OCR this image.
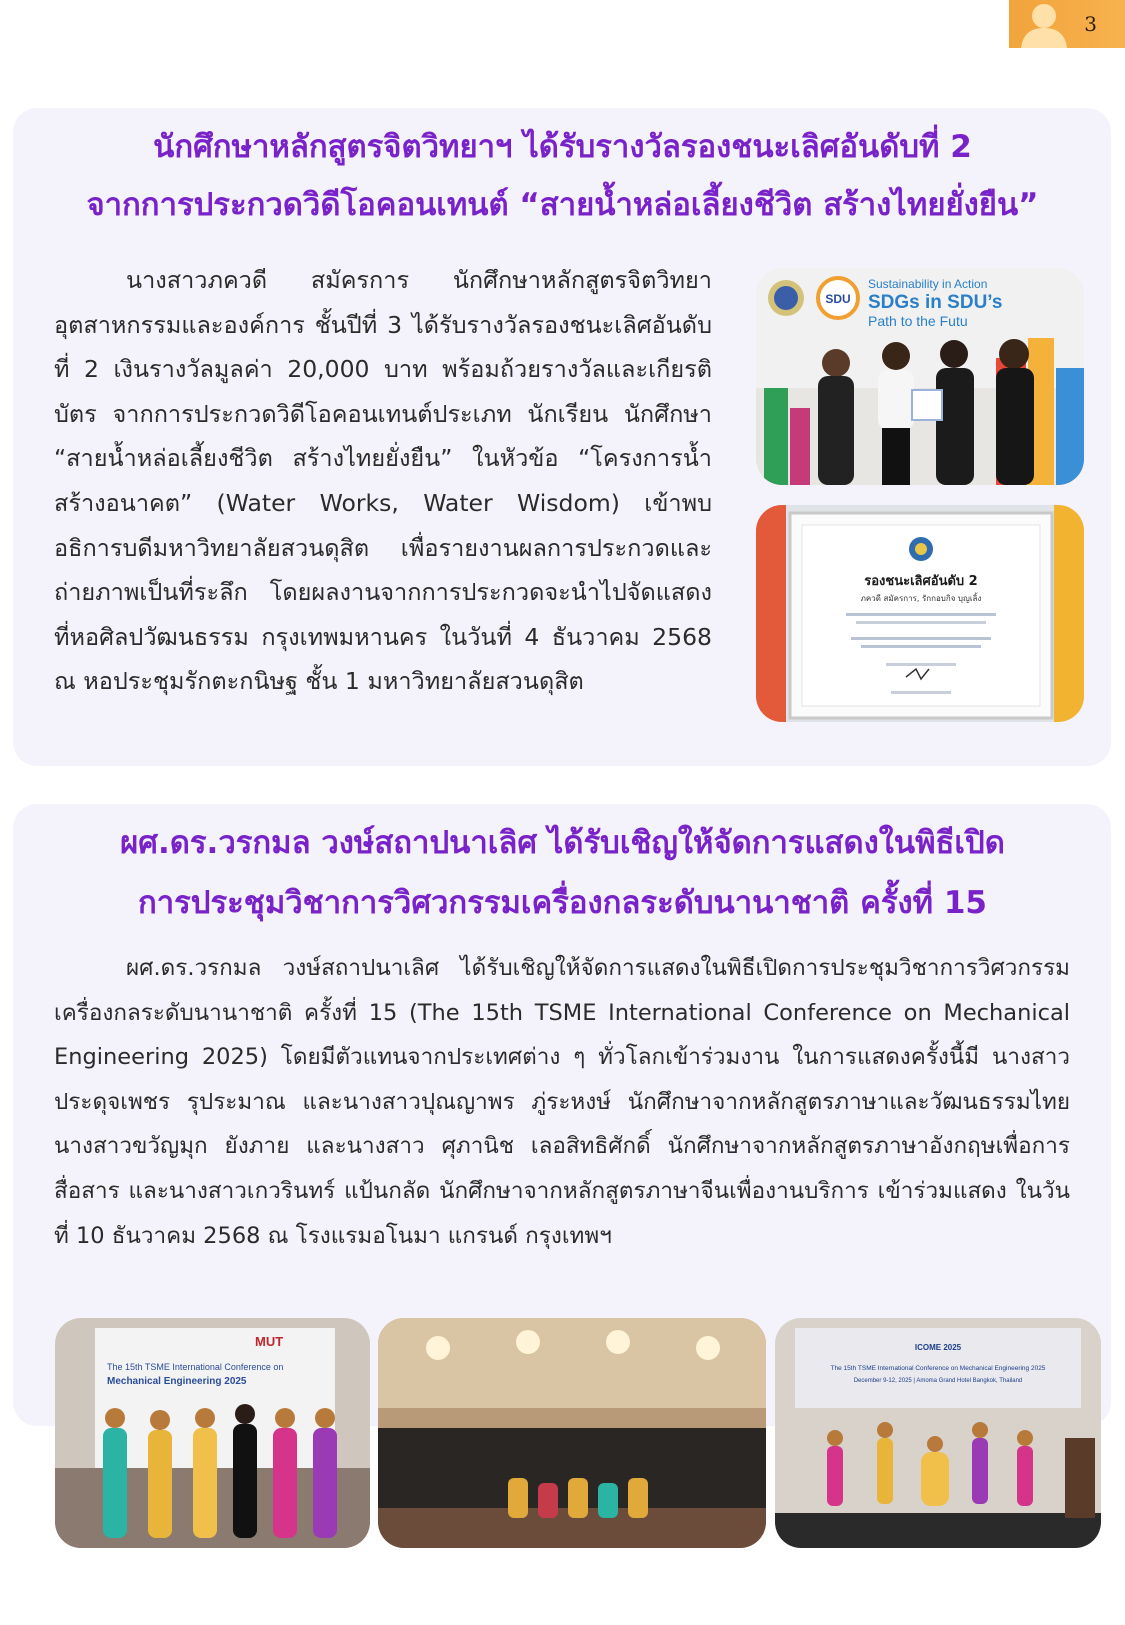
3
นักศึกษาหลักสูตรจิตวิทยาฯ ได้รับรางวัลรองชนะเลิศอันดับที่ 2
จากการประกวดวิดีโอคอนเทนต์ “สายน้ำหล่อเลี้ยงชีวิต สร้างไทยยั่งยืน”

นางสาวภควดี สมัครการ นักศึกษาหลักสูตรจิตวิทยาอุตสาหกรรมและองค์การ ชั้นปีที่ 3 ได้รับรางวัลรองชนะเลิศอันดับที่ 2 เงินรางวัลมูลค่า 20,000 บาท พร้อมถ้วยรางวัลและเกียรติบัตร จากการประกวดวิดีโอคอนเทนต์ประเภท นักเรียน นักศึกษา “สายน้ำหล่อเลี้ยงชีวิต สร้างไทยยั่งยืน” ในหัวข้อ “โครงการน้ำสร้างอนาคต” (Water Works, Water Wisdom) เข้าพบอธิการบดีมหาวิทยาลัยสวนดุสิต เพื่อรายงานผลการประกวดและถ่ายภาพเป็นที่ระลึก โดยผลงานจากการประกวดจะนำไปจัดแสดงที่หอศิลปวัฒนธรรม กรุงเทพมหานคร ในวันที่ 4 ธันวาคม 2568 ณ หอประชุมรักตะกนิษฐ ชั้น 1 มหาวิทยาลัยสวนดุสิต

SDU
Sustainability in Action
SDGs in SDU’s
Path to the Futu
รองชนะเลิศอันดับ 2
ภควดี สมัครการ, รักกอบกิจ บุญเลิ้ง
ผศ.ดร.วรกมล วงษ์สถาปนาเลิศ ได้รับเชิญให้จัดการแสดงในพิธีเปิด
การประชุมวิชาการวิศวกรรมเครื่องกลระดับนานาชาติ ครั้งที่ 15

ผศ.ดร.วรกมล วงษ์สถาปนาเลิศ ได้รับเชิญให้จัดการแสดงในพิธีเปิดการประชุมวิชาการวิศวกรรมเครื่องกลระดับนานาชาติ ครั้งที่ 15 (The 15th TSME International Conference on Mechanical Engineering 2025) โดยมีตัวแทนจากประเทศต่าง ๆ ทั่วโลกเข้าร่วมงาน ในการแสดงครั้งนี้มี นางสาวประดุจเพชร รุประมาณ และนางสาวปุณญาพร ภู่ระหงษ์ นักศึกษาจากหลักสูตรภาษาและวัฒนธรรมไทย นางสาวขวัญมุก ยังภาย และนางสาว ศุภานิช เลอสิทธิศักดิ์ นักศึกษาจากหลักสูตรภาษาอังกฤษเพื่อการสื่อสาร และนางสาวเกวรินทร์ แป้นกลัด นักศึกษาจากหลักสูตรภาษาจีนเพื่องานบริการ เข้าร่วมแสดง ในวันที่ 10 ธันวาคม 2568 ณ โรงแรมอโนมา แกรนด์ กรุงเทพฯ

MUT
The 15th TSME International Conference on
Mechanical Engineering 2025
ICOME 2025
The 15th TSME International Conference on Mechanical Engineering 2025
December 9-12, 2025 | Amoma Grand Hotel Bangkok, Thailand
